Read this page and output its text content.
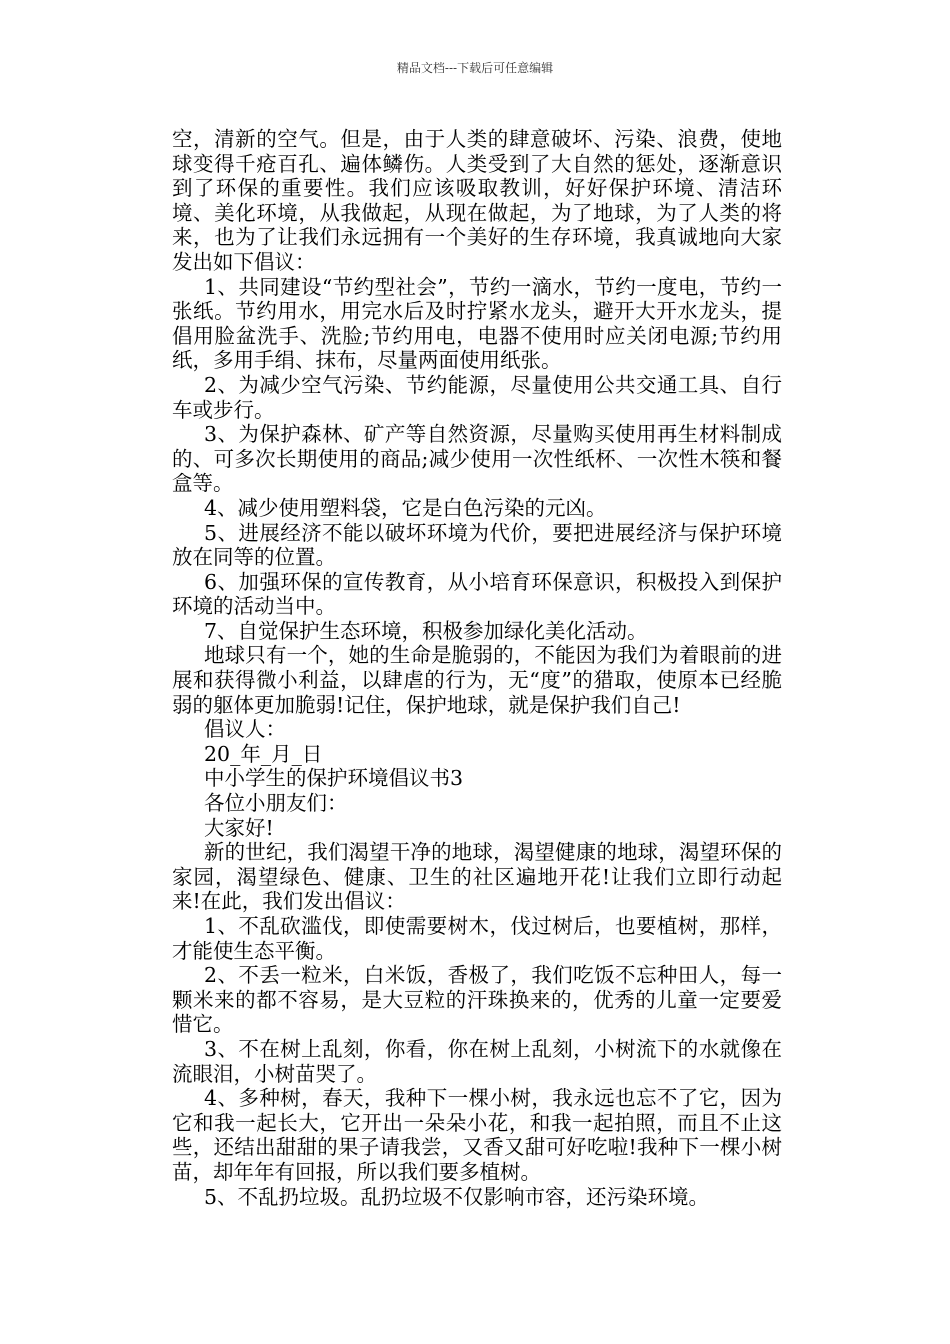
精品文档---下载后可任意编辑

空，清新的空气。但是，由于人类的肆意破坏、污染、浪费，使地球变得千疮百孔、遍体鳞伤。人类受到了大自然的惩处，逐渐意识到了环保的重要性。我们应该吸取教训，好好保护环境、清洁环境、美化环境，从我做起，从现在做起，为了地球，为了人类的将来，也为了让我们永远拥有一个美好的生存环境，我真诚地向大家发出如下倡议：

1、共同建设“节约型社会”，节约一滴水，节约一度电，节约一张纸。节约用水，用完水后及时拧紧水龙头，避开大开水龙头，提倡用脸盆洗手、洗脸;节约用电，电器不使用时应关闭电源;节约用纸，多用手绢、抹布，尽量两面使用纸张。

2、为减少空气污染、节约能源，尽量使用公共交通工具、自行车或步行。

3、为保护森林、矿产等自然资源，尽量购买使用再生材料制成的、可多次长期使用的商品;减少使用一次性纸杯、一次性木筷和餐盒等。

4、减少使用塑料袋，它是白色污染的元凶。

5、进展经济不能以破坏环境为代价，要把进展经济与保护环境放在同等的位置。

6、加强环保的宣传教育，从小培育环保意识，积极投入到保护环境的活动当中。

7、自觉保护生态环境，积极参加绿化美化活动。

地球只有一个，她的生命是脆弱的，不能因为我们为着眼前的进展和获得微小利益，以肆虐的行为，无“度”的猎取，使原本已经脆弱的躯体更加脆弱!记住，保护地球，就是保护我们自己!

倡议人：

20_年_月_日

中小学生的保护环境倡议书3

各位小朋友们：

大家好!

新的世纪，我们渴望干净的地球，渴望健康的地球，渴望环保的家园，渴望绿色、健康、卫生的社区遍地开花!让我们立即行动起来!在此，我们发出倡议：

1、不乱砍滥伐，即使需要树木，伐过树后，也要植树，那样，才能使生态平衡。

2、不丢一粒米，白米饭，香极了，我们吃饭不忘种田人，每一颗米来的都不容易，是大豆粒的汗珠换来的，优秀的儿童一定要爱惜它。

3、不在树上乱刻，你看，你在树上乱刻，小树流下的水就像在流眼泪，小树苗哭了。

4、多种树，春天，我种下一棵小树，我永远也忘不了它，因为它和我一起长大，它开出一朵朵小花，和我一起拍照，而且不止这些，还结出甜甜的果子请我尝，又香又甜可好吃啦!我种下一棵小树苗，却年年有回报，所以我们要多植树。

5、不乱扔垃圾。乱扔垃圾不仅影响市容，还污染环境。
